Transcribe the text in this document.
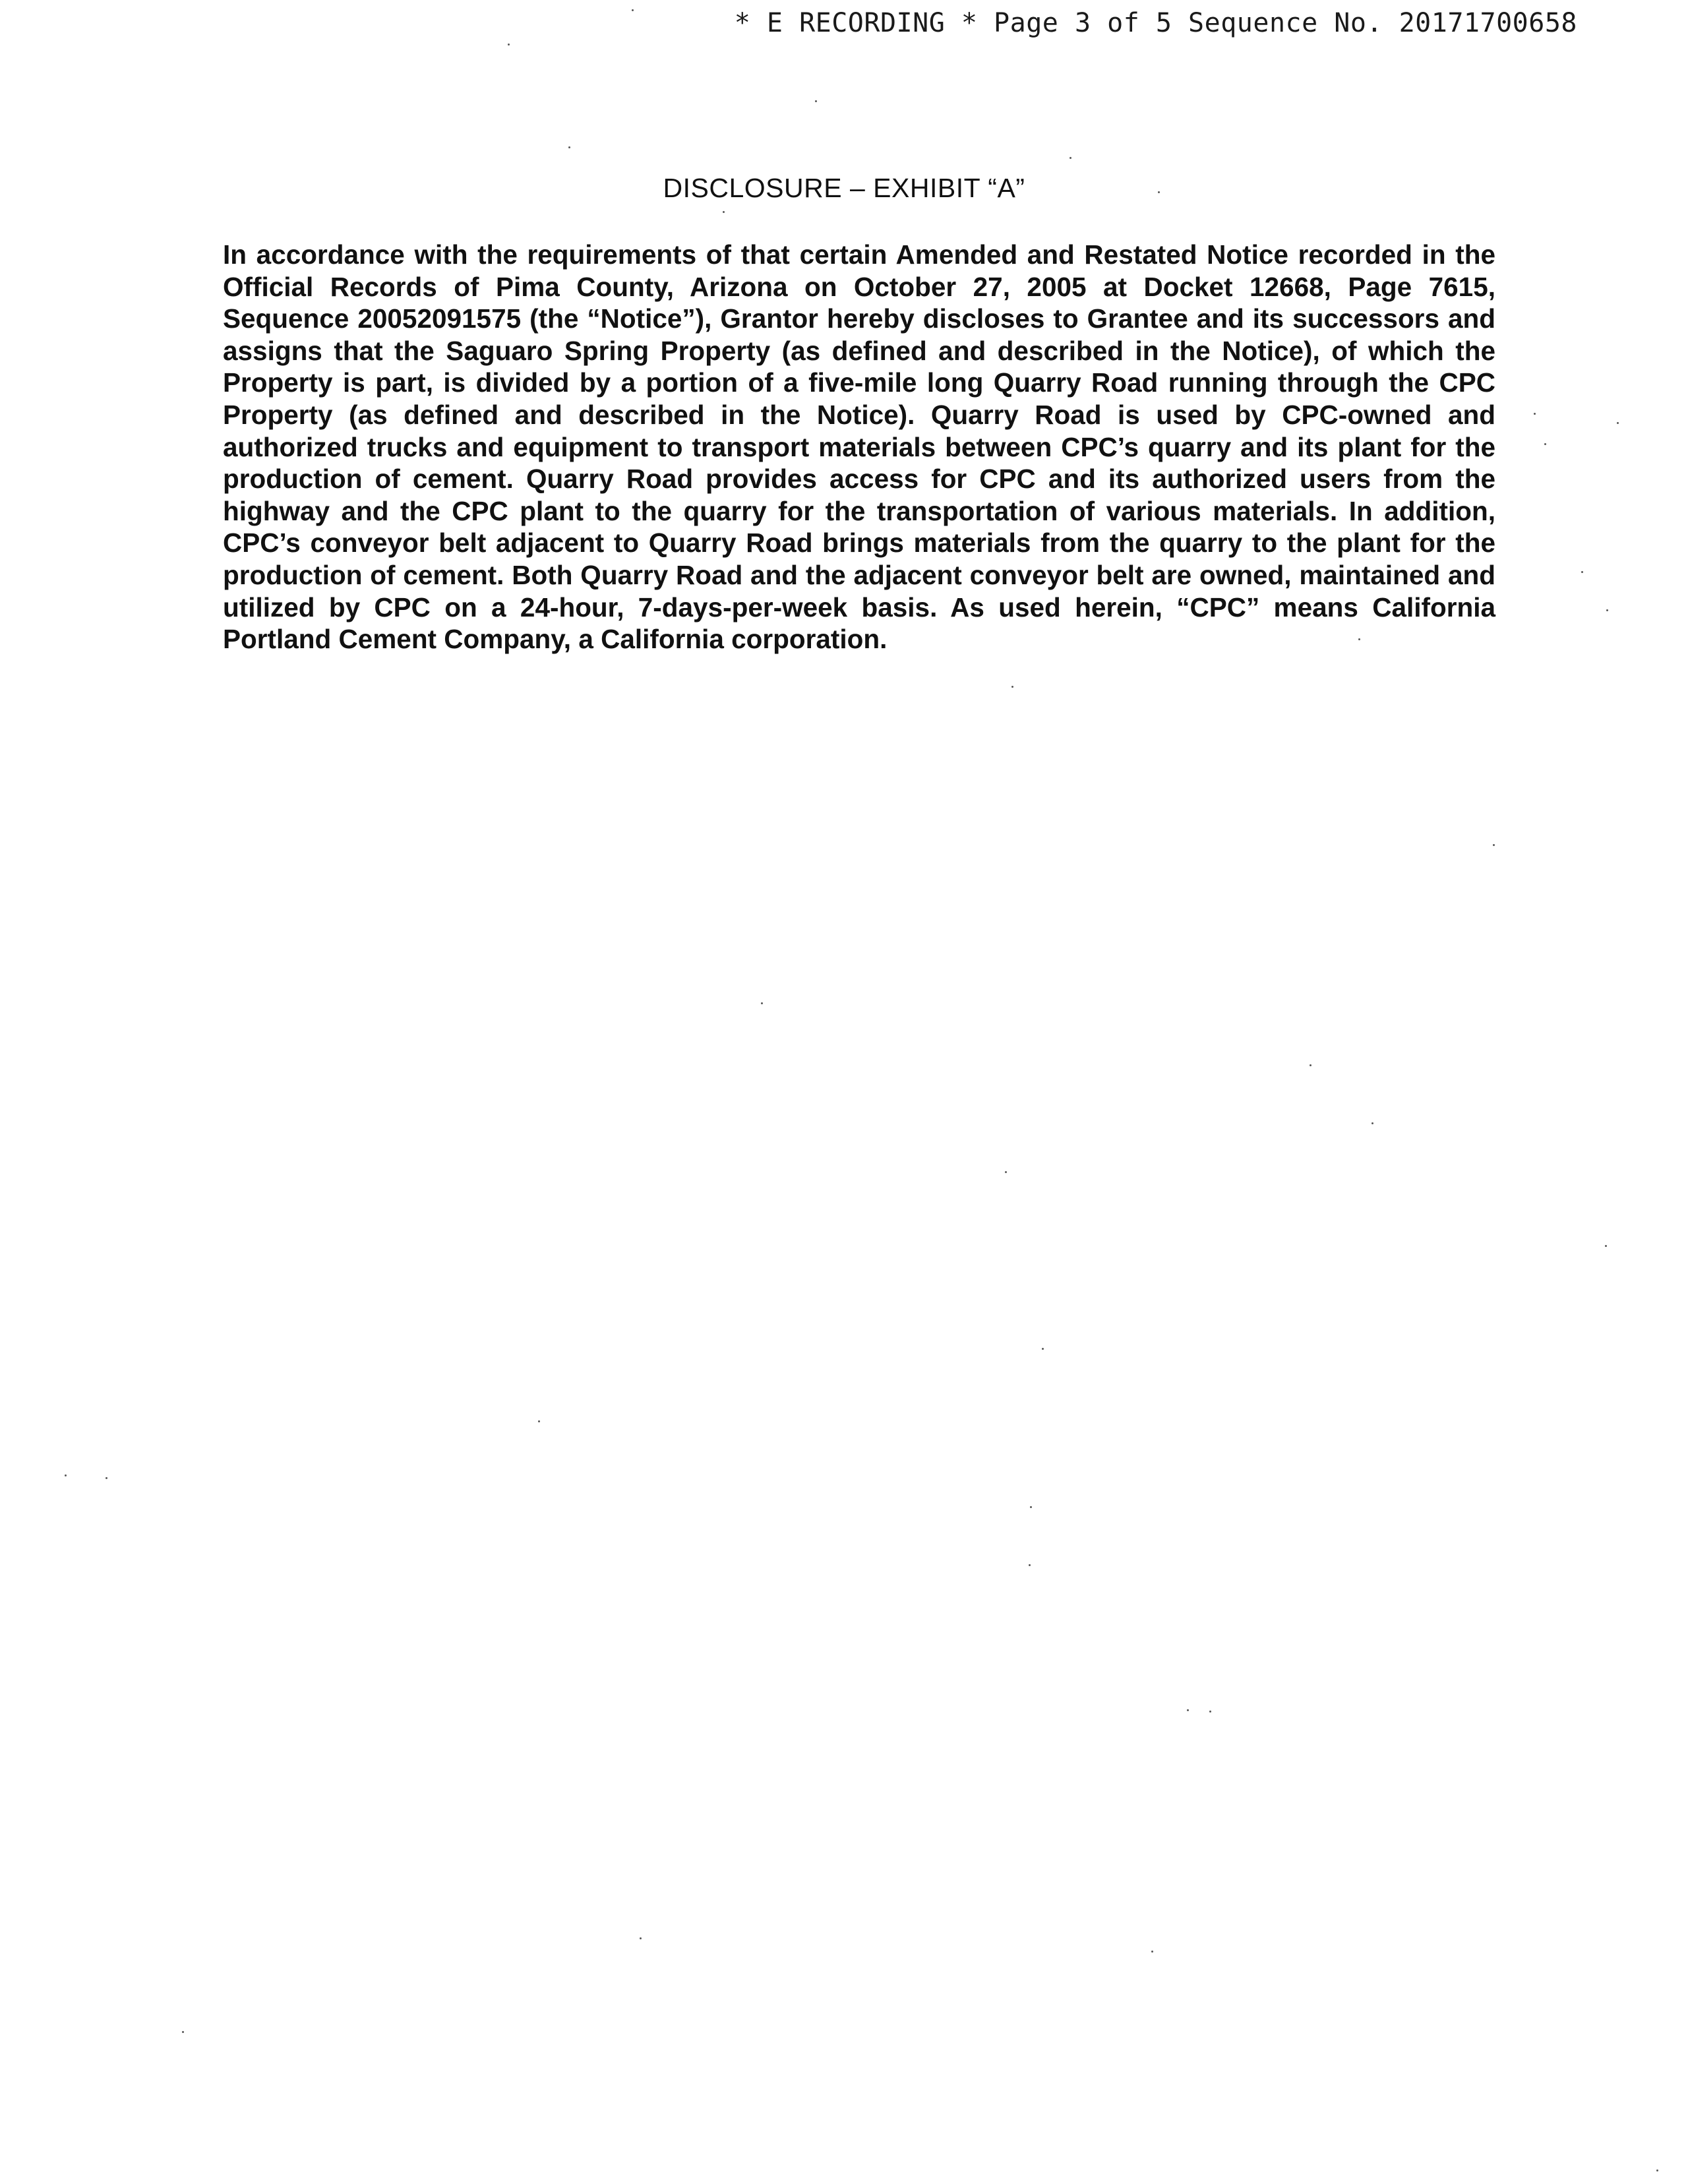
* E RECORDING * Page 3 of 5 Sequence No. 20171700658
DISCLOSURE – EXHIBIT “A”

In accordance with the requirements of that certain Amended and Restated Notice recorded in the Official Records of Pima County, Arizona on October 27, 2005 at Docket 12668, Page 7615, Sequence 20052091575 (the “Notice”), Grantor hereby discloses to Grantee and its successors and assigns that the Saguaro Spring Property (as defined and described in the Notice), of which the Property is part, is divided by a portion of a five-mile long Quarry Road running through the CPC Property (as defined and described in the Notice). Quarry Road is used by CPC-owned and authorized trucks and equipment to transport materials between CPC’s quarry and its plant for the production of cement. Quarry Road provides access for CPC and its authorized users from the highway and the CPC plant to the quarry for the transportation of various materials. In addition, CPC’s conveyor belt adjacent to Quarry Road brings materials from the quarry to the plant for the production of cement. Both Quarry Road and the adjacent conveyor belt are owned, maintained and utilized by CPC on a 24-hour, 7-days-per-week basis. As used herein, “CPC” means California Portland Cement Company, a California corporation.
